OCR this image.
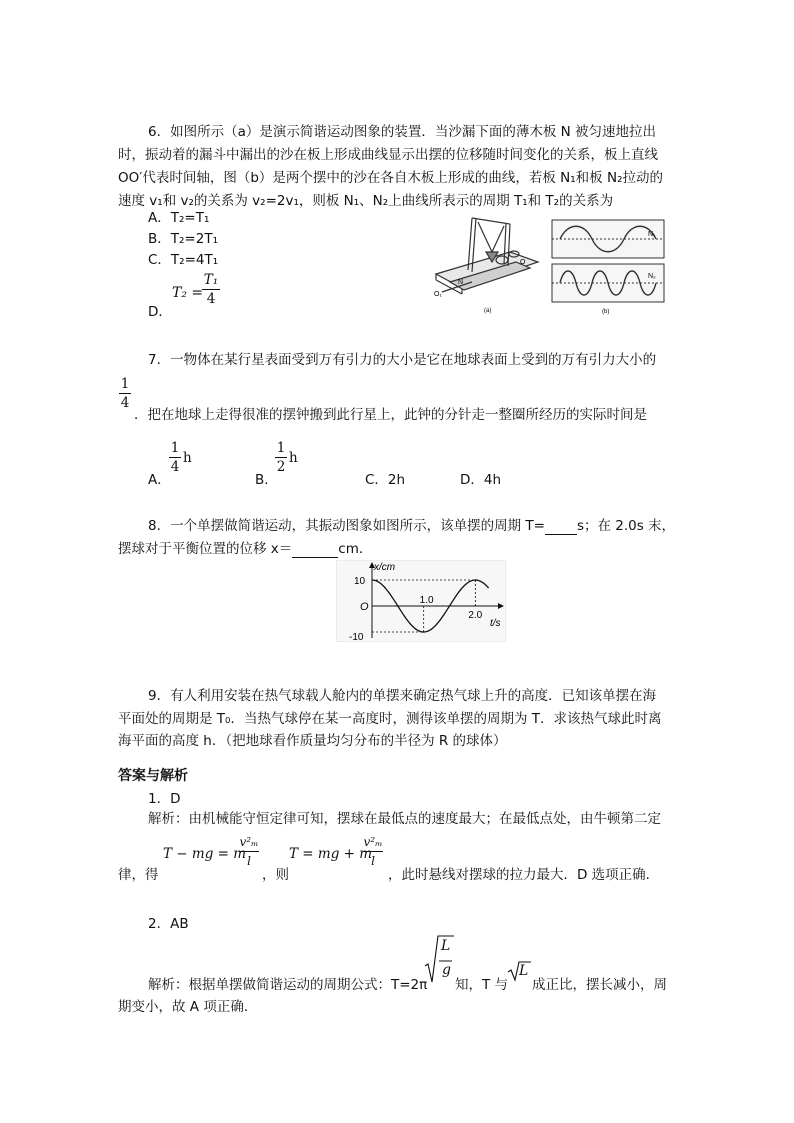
6．如图所示（a）是演示简谐运动图象的装置．当沙漏下面的薄木板 N 被匀速地拉出
时，振动着的漏斗中漏出的沙在板上形成曲线显示出摆的位移随时间变化的关系，板上直线
OO′代表时间轴，图（b）是两个摆中的沙在各自木板上形成的曲线，若板 N₁和板 N₂拉动的
速度 v₁和 v₂的关系为 v₂=2v₁，则板 N₁、N₂上曲线所表示的周期 T₁和 T₂的关系为
A．T₂=T₁
B．T₂=2T₁
C．T₂=4T₁
D．
T₂ =
T₁
4	O₁
N
O
(a)
N₁
N₂
(b)
7．一物体在某行星表面受到万有引力的大小是它在地球表面上受到的万有引力大小的
1
4
．把在地球上走得很准的摆钟搬到此行星上，此钟的分针走一整圈所经历的实际时间是
A．
1
4
h
B．
1
2
h
C．2h	D．4h
8．一个单摆做简谐运动，其振动图象如图所示，该单摆的周期 T= s；在 2.0s 末，
摆球对于平衡位置的位移 x＝	cm．
x/cm
t/s
O
10
-10
1.0
2.0
9．有人利用安装在热气球载人舱内的单摆来确定热气球上升的高度．已知该单摆在海
平面处的周期是 T₀．当热气球停在某一高度时，测得该单摆的周期为 T．求该热气球此时离
海平面的高度 h．（把地球看作质量均匀分布的半径为 R 的球体）
答案与解析
1．D
解析：由机械能守恒定律可知，摆球在最低点的速度最大；在最低点处，由牛顿第二定
律，得
T − mg = m
v²ₘ
l
，则
T = mg + m
v²ₘ
l
，此时悬线对摆球的拉力最大．D 选项正确．
2．AB
解析：根据单摆做简谐运动的周期公式：T=2π
L
g
知，T 与
L
成正比，摆长减小，周
期变小，故 A 项正确．
